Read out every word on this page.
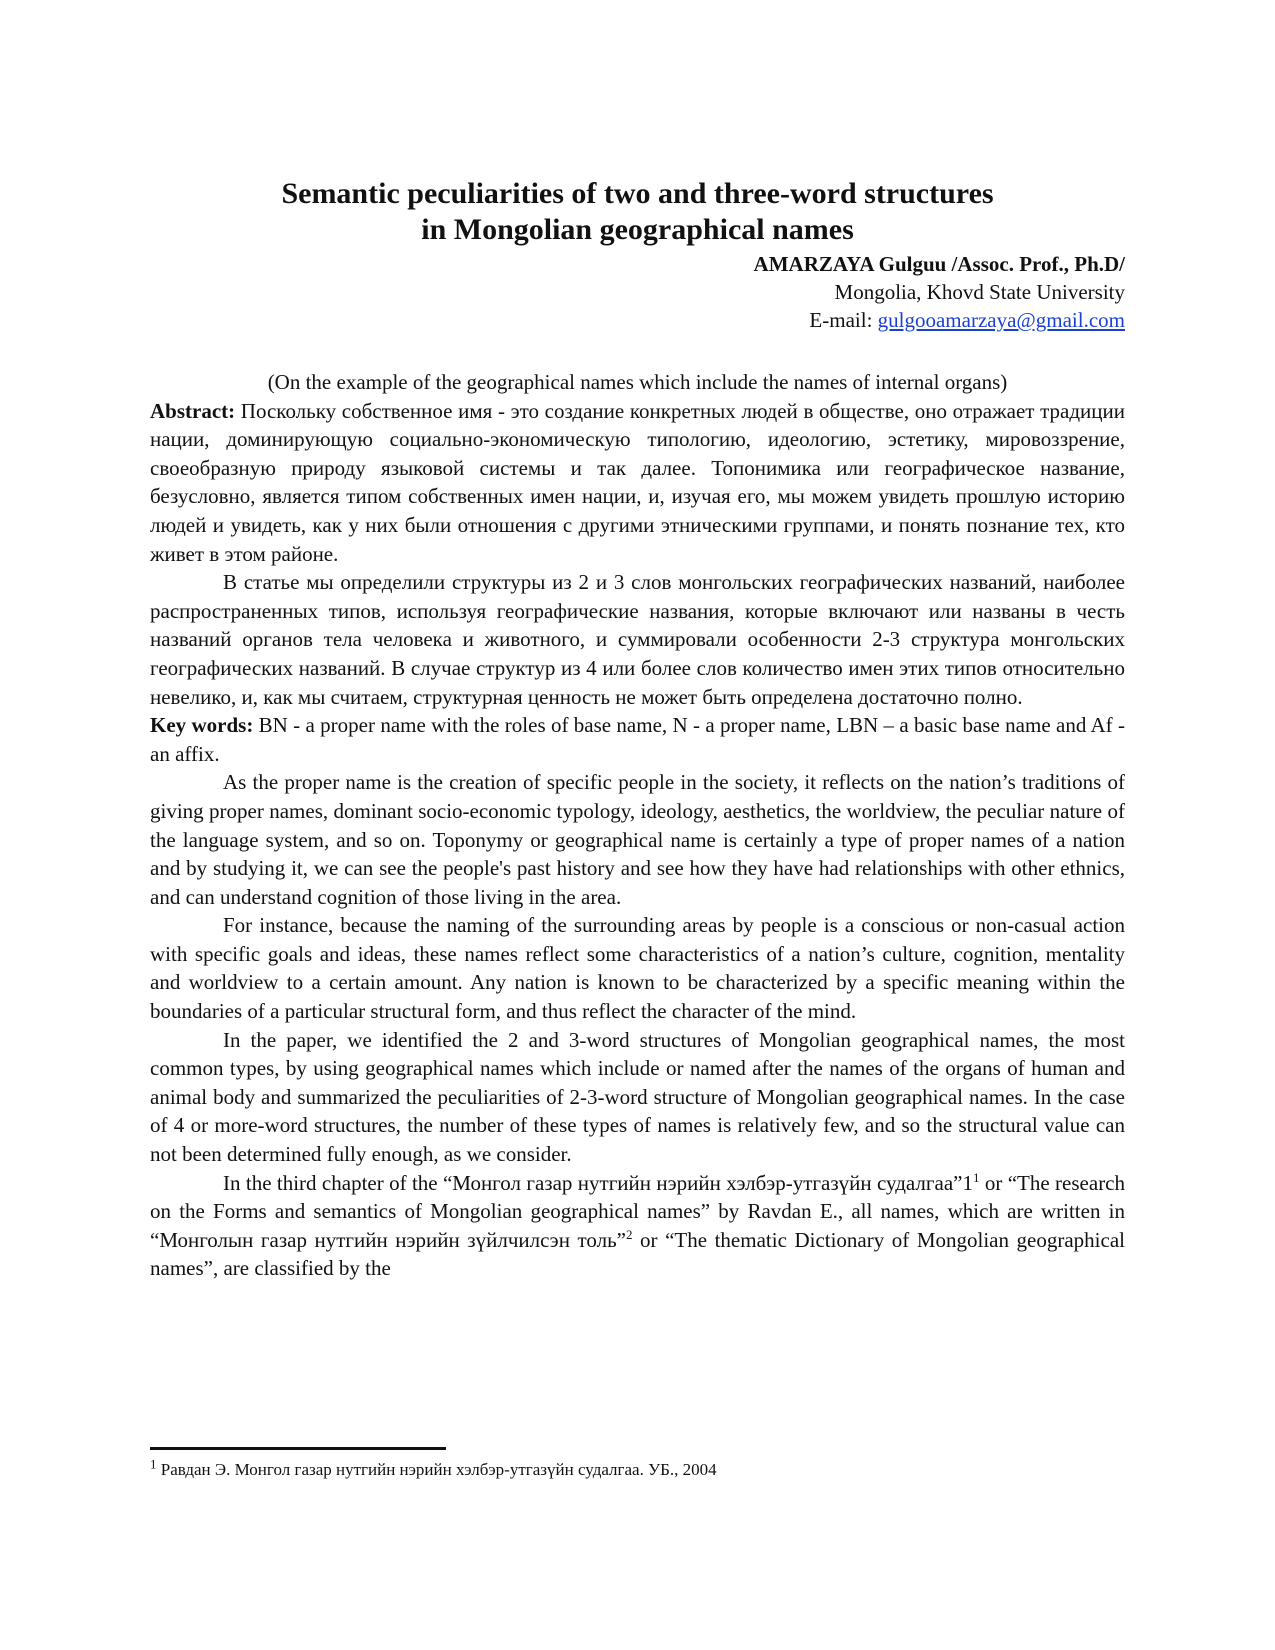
Semantic peculiarities of two and three-word structures
in Mongolian geographical names
AMARZAYA Gulguu /Assoc. Prof., Ph.D/
Mongolia, Khovd State University
E-mail: gulgooamarzaya@gmail.com

(On the example of the geographical names which include the names of internal organs)

Abstract: Поскольку собственное имя - это создание конкретных людей в обществе, оно отражает традиции нации, доминирующую социально-экономическую типологию, идеологию, эстетику, мировоззрение, своеобразную природу языковой системы и так далее. Топонимика или географическое название, безусловно, является типом собственных имен нации, и, изучая его, мы можем увидеть прошлую историю людей и увидеть, как у них были отношения с другими этническими группами, и понять познание тех, кто живет в этом районе.

В статье мы определили структуры из 2 и 3 слов монгольских географических названий, наиболее распространенных типов, используя географические названия, которые включают или названы в честь названий органов тела человека и животного, и суммировали особенности 2-3 структура монгольских географических названий. В случае структур из 4 или более слов количество имен этих типов относительно невелико, и, как мы считаем, структурная ценность не может быть определена достаточно полно.

Key words: BN - a proper name with the roles of base name, N - a proper name, LBN – a basic base name and Af - an affix.

As the proper name is the creation of specific people in the society, it reflects on the nation’s traditions of giving proper names, dominant socio-economic typology, ideology, aesthetics, the worldview, the peculiar nature of the language system, and so on. Toponymy or geographical name is certainly a type of proper names of a nation and by studying it, we can see the people's past history and see how they have had relationships with other ethnics, and can understand cognition of those living in the area.

For instance, because the naming of the surrounding areas by people is a conscious or non-casual action with specific goals and ideas, these names reflect some characteristics of a nation’s culture, cognition, mentality and worldview to a certain amount. Any nation is known to be characterized by a specific meaning within the boundaries of a particular structural form, and thus reflect the character of the mind.

In the paper, we identified the 2 and 3-word structures of Mongolian geographical names, the most common types, by using geographical names which include or named after the names of the organs of human and animal body and summarized the peculiarities of 2-3-word structure of Mongolian geographical names. In the case of 4 or more-word structures, the number of these types of names is relatively few, and so the structural value can not been determined fully enough, as we consider.

In the third chapter of the “Монгол газар нутгийн нэрийн хэлбэр-утгазүйн $судалгаа”1^1$ or “The research on the Forms and semantics of Mongolian geographical names” by Ravdan E., all names, which are written in “Монголын газар нутгийн нэрийн зүйлчилсэн толь”$^2$ or “The thematic Dictionary of Mongolian geographical names”, are classified by the

$^1$ Равдан Э. Монгол газар нутгийн нэрийн хэлбэр-утгазүйн судалгаа. УБ., 2004
